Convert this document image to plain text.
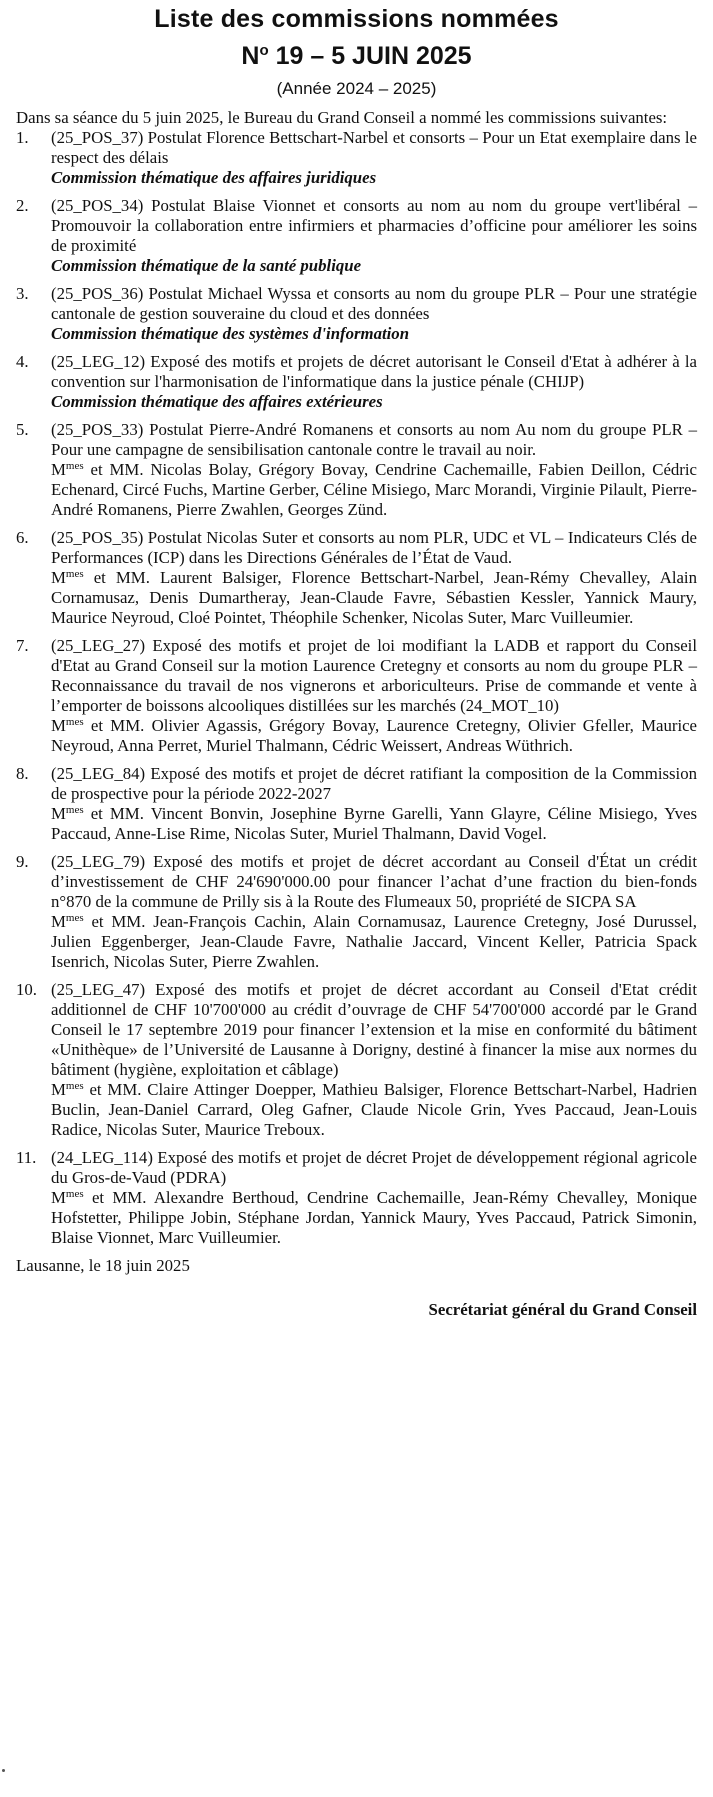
Liste des commissions nommées
$N^o$ 19 – 5 JUIN 2025
(Année 2024 – 2025)

Dans sa séance du 5 juin 2025, le Bureau du Grand Conseil a nommé les commissions suivantes:

1. (25_POS_37) Postulat Florence Bettschart-Narbel et consorts – Pour un Etat exemplaire dans le respect des délais
Commission thématique des affaires juridiques
2. (25_POS_34) Postulat Blaise Vionnet et consorts au nom au nom du groupe vert'libéral – Promouvoir la collaboration entre infirmiers et pharmacies d’officine pour améliorer les soins de proximité
Commission thématique de la santé publique
3. (25_POS_36) Postulat Michael Wyssa et consorts au nom du groupe PLR – Pour une stratégie cantonale de gestion souveraine du cloud et des données
Commission thématique des systèmes d'information
4. (25_LEG_12) Exposé des motifs et projets de décret autorisant le Conseil d'Etat à adhérer à la convention sur l'harmonisation de l'informatique dans la justice pénale (CHIJP)
Commission thématique des affaires extérieures
5. (25_POS_33) Postulat Pierre-André Romanens et consorts au nom Au nom du groupe PLR – Pour une campagne de sensibilisation cantonale contre le travail au noir.
$M^{mes}$ et MM. Nicolas Bolay, Grégory Bovay, Cendrine Cachemaille, Fabien Deillon, Cédric Echenard, Circé Fuchs, Martine Gerber, Céline Misiego, Marc Morandi, Virginie Pilault, Pierre-André Romanens, Pierre Zwahlen, Georges Zünd.
6. (25_POS_35) Postulat Nicolas Suter et consorts au nom PLR, UDC et VL – Indicateurs Clés de Performances (ICP) dans les Directions Générales de l’État de Vaud.
$M^{mes}$ et MM. Laurent Balsiger, Florence Bettschart-Narbel, Jean-Rémy Chevalley, Alain Cornamusaz, Denis Dumartheray, Jean-Claude Favre, Sébastien Kessler, Yannick Maury, Maurice Neyroud, Cloé Pointet, Théophile Schenker, Nicolas Suter, Marc Vuilleumier.
7. (25_LEG_27) Exposé des motifs et projet de loi modifiant la LADB et rapport du Conseil d'Etat au Grand Conseil sur la motion Laurence Cretegny et consorts au nom du groupe PLR – Reconnaissance du travail de nos vignerons et arboriculteurs. Prise de commande et vente à l’emporter de boissons alcooliques distillées sur les marchés (24_MOT_10)
$M^{mes}$ et MM. Olivier Agassis, Grégory Bovay, Laurence Cretegny, Olivier Gfeller, Maurice Neyroud, Anna Perret, Muriel Thalmann, Cédric Weissert, Andreas Wüthrich.
8. (25_LEG_84) Exposé des motifs et projet de décret ratifiant la composition de la Commission de prospective pour la période 2022-2027
$M^{mes}$ et MM. Vincent Bonvin, Josephine Byrne Garelli, Yann Glayre, Céline Misiego, Yves Paccaud, Anne-Lise Rime, Nicolas Suter, Muriel Thalmann, David Vogel.
9. (25_LEG_79) Exposé des motifs et projet de décret accordant au Conseil d'État un crédit d’investissement de CHF 24'690'000.00 pour financer l’achat d’une fraction du bien-fonds n°870 de la commune de Prilly sis à la Route des Flumeaux 50, propriété de SICPA SA
$M^{mes}$ et MM. Jean-François Cachin, Alain Cornamusaz, Laurence Cretegny, José Durussel, Julien Eggenberger, Jean-Claude Favre, Nathalie Jaccard, Vincent Keller, Patricia Spack Isenrich, Nicolas Suter, Pierre Zwahlen.
10. (25_LEG_47) Exposé des motifs et projet de décret accordant au Conseil d'Etat crédit additionnel de CHF 10'700'000 au crédit d’ouvrage de CHF 54'700'000 accordé par le Grand Conseil le 17 septembre 2019 pour financer l’extension et la mise en conformité du bâtiment «Unithèque» de l’Université de Lausanne à Dorigny, destiné à financer la mise aux normes du bâtiment (hygiène, exploitation et câblage)
$M^{mes}$ et MM. Claire Attinger Doepper, Mathieu Balsiger, Florence Bettschart-Narbel, Hadrien Buclin, Jean-Daniel Carrard, Oleg Gafner, Claude Nicole Grin, Yves Paccaud, Jean-Louis Radice, Nicolas Suter, Maurice Treboux.
11. (24_LEG_114) Exposé des motifs et projet de décret Projet de développement régional agricole du Gros-de-Vaud (PDRA)
$M^{mes}$ et MM. Alexandre Berthoud, Cendrine Cachemaille, Jean-Rémy Chevalley, Monique Hofstetter, Philippe Jobin, Stéphane Jordan, Yannick Maury, Yves Paccaud, Patrick Simonin, Blaise Vionnet, Marc Vuilleumier.
Lausanne, le 18 juin 2025
Secrétariat général du Grand Conseil
